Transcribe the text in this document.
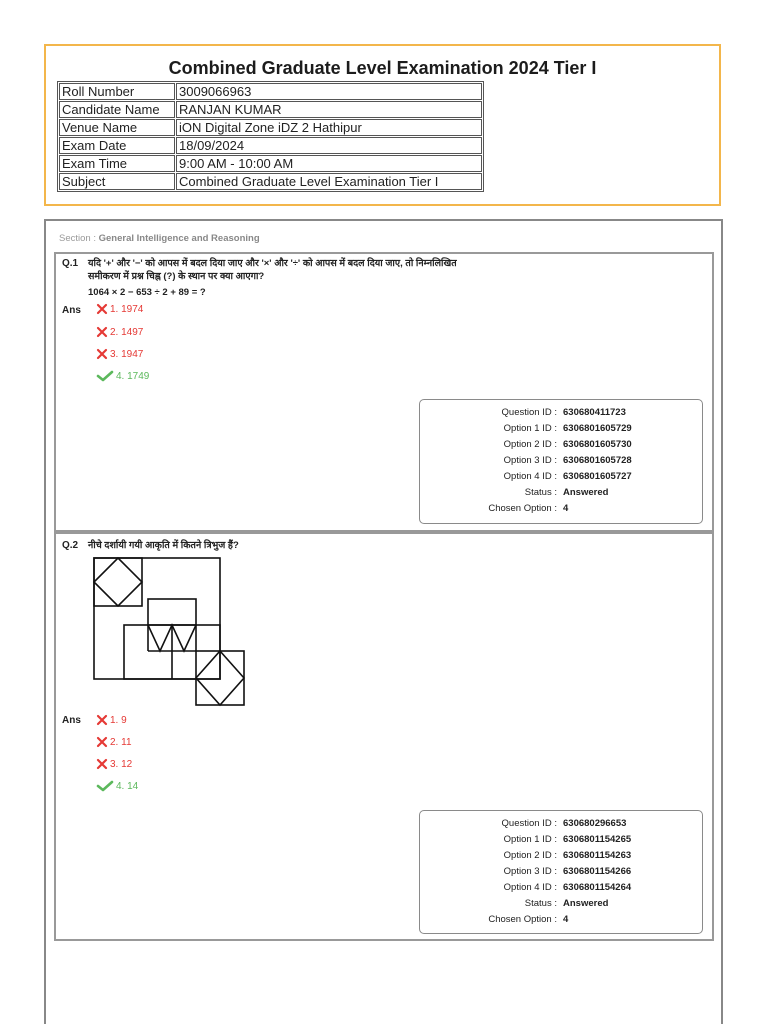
Combined Graduate Level Examination 2024 Tier I
Roll Number	3009066963
Candidate Name	RANJAN KUMAR
Venue Name	iON Digital Zone iDZ 2 Hathipur
Exam Date	18/09/2024
Exam Time	9:00 AM - 10:00 AM
Subject	Combined Graduate Level Examination Tier I
Section : General Intelligence and Reasoning
Q.1 यदि '+' और '−' को आपस में बदल दिया जाए और '×' और '÷' को आपस में बदल दिया जाए, तो निम्नलिखित
समीकरण में प्रश्न चिह्न (?) के स्थान पर क्या आएगा?
1064 × 2 − 653 ÷ 2 + 89 = ?
Ans	1. 1974
2. 1497
3. 1947
4. 1749
Question ID : 630680411723
Option 1 ID : 6306801605729
Option 2 ID : 6306801605730
Option 3 ID : 6306801605728
Option 4 ID : 6306801605727
Status : Answered
Chosen Option : 4
Q.2 नीचे दर्शायी गयी आकृति में कितने त्रिभुज हैं?
Ans	1. 9
2. 11
3. 12
4. 14
Question ID : 630680296653
Option 1 ID : 6306801154265
Option 2 ID : 6306801154263
Option 3 ID : 6306801154266
Option 4 ID : 6306801154264
Status : Answered
Chosen Option : 4
